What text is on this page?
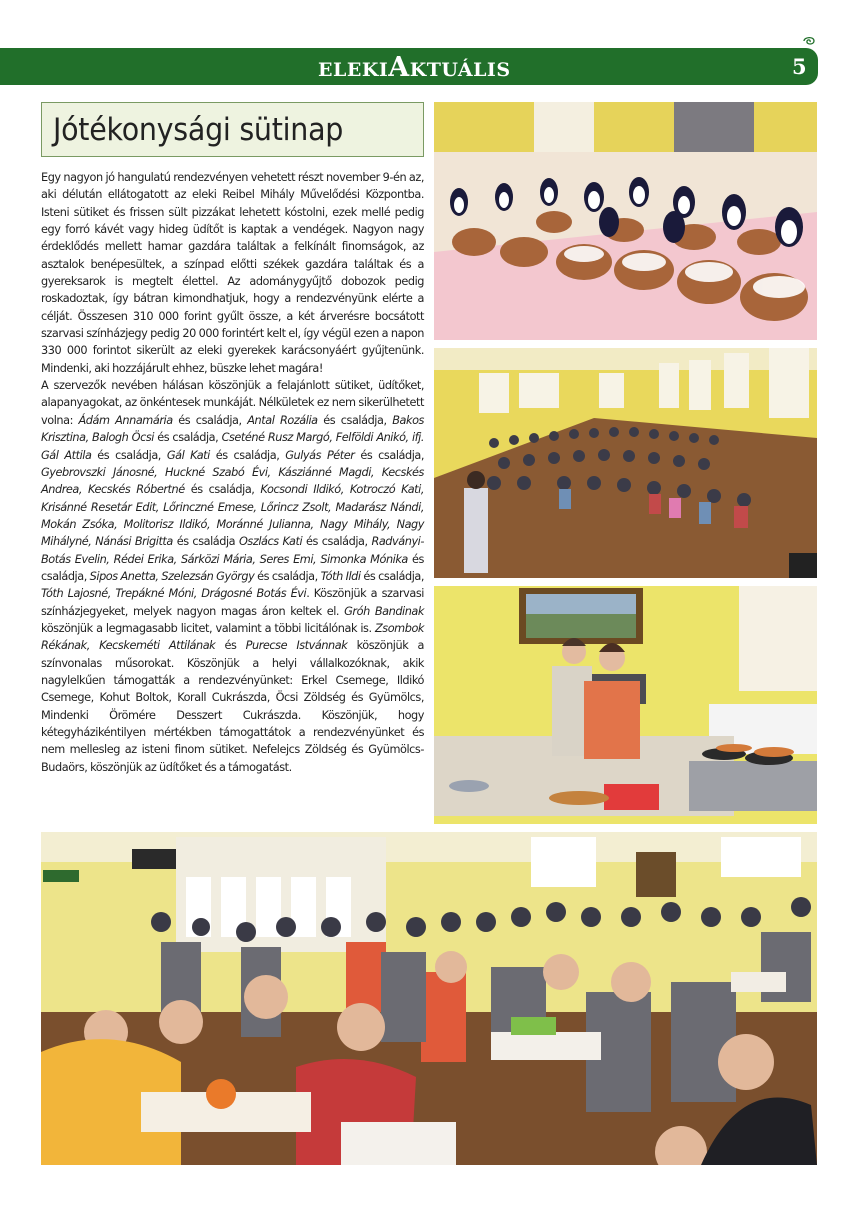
ELEKIAKTUÁLIS	5
Jótékonysági sütinap

Egy nagyon jó hangulatú rendezvényen vehetett részt november 9-én az, aki délután ellátogatott az eleki Reibel Mihály Művelődési Központba. Isteni sütiket és frissen sült pizzákat lehetett kóstolni, ezek mellé pedig egy forró kávét vagy hideg üdítőt is kaptak a vendégek. Nagyon nagy érdeklődés mellett hamar gazdára találtak a felkínált finomságok, az asztalok benépesültek, a színpad előtti székek gazdára találtak és a gyereksarok is megtelt élettel. Az adománygyűjtő dobozok pedig roskadoztak, így bátran kimondhatjuk, hogy a rendezvényünk elérte a célját. Összesen 310 000 forint gyűlt össze, a két árverésre bocsátott szarvasi színházjegy pedig 20 000 forintért kelt el, így végül ezen a napon 330 000 forintot sikerült az eleki gyerekek karácsonyáért gyűjtenünk. Mindenki, aki hozzájárult ehhez, büszke lehet magára!

A szervezők nevében hálásan köszönjük a felajánlott sütiket, üdítőket, alapanyagokat, az önkéntesek munkáját. Nélkületek ez nem sikerülhetett volna: Ádám Annamária és családja, Antal Rozália és családja, Bakos Krisztina, Balogh Öcsi és családja, Cseténé Rusz Margó, Felföldi Anikó, ifj. Gál Attila és családja, Gál Kati és családja, Gulyás Péter és családja, Gyebrovszki Jánosné, Huckné Szabó Évi, Kásziánné Magdi, Kecskés Andrea, Kecskés Róbertné és családja, Kocsondi Ildikó, Kotroczó Kati, Krisánné Resetár Edit, Lőrinczné Emese, Lőrincz Zsolt, Madarász Nándi, Mokán Zsóka, Molitorisz Ildikó, Moránné Julianna, Nagy Mihály, Nagy Mihályné, Nánási Brigitta és családja Oszlács Kati és családja, Radványi-Botás Evelin, Rédei Erika, Sárközi Mária, Seres Emi, Simonka Mónika és családja, Sipos Anetta, Szelezsán György és családja, Tóth Ildi és családja, Tóth Lajosné, Trepákné Móni, Drágosné Botás Évi. Köszönjük a szarvasi színházjegyeket, melyek nagyon magas áron keltek el. Gróh Bandinak köszönjük a legmagasabb licitet, valamint a többi licitálónak is. Zsombok Rékának, Kecskeméti Attilának és Purecse Istvánnak köszönjük a színvonalas műsorokat. Köszönjük a helyi vállalkozóknak, akik nagylelkűen támogatták a rendezvényünket: Erkel Csemege, Ildikó Csemege, Kohut Boltok, Korall Cukrászda, Öcsi Zöldség és Gyümölcs, Mindenki Örömére Desszert Cukrászda. Köszönjük, hogy kétegyházikéntilyen mértékben támogattátok a rendezvényünket és nem mellesleg az isteni finom sütiket. Nefelejcs Zöldség és Gyümölcs-Budaörs, köszönjük az üdítőket és a támogatást.
